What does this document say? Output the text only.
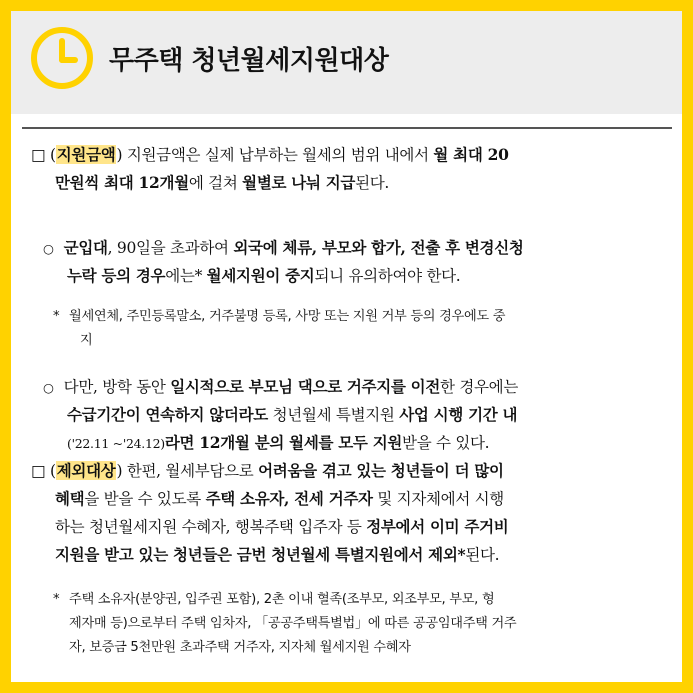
무주택 청년월세지원대상
□ (지원금액) 지원금액은 실제 납부하는 월세의 범위 내에서 월 최대 20
만원씩 최대 12개월에 걸쳐 월별로 나눠 지급된다.
○ 군입대, 90일을 초과하여 외국에 체류, 부모와 합가, 전출 후 변경신청
누락 등의 경우에는* 월세지원이 중지되니 유의하여야 한다.
* 월세연체, 주민등록말소, 거주불명 등록, 사망 또는 지원 거부 등의 경우에도 중
지
○ 다만, 방학 동안 일시적으로 부모님 댁으로 거주지를 이전한 경우에는
수급기간이 연속하지 않더라도 청년월세 특별지원 사업 시행 기간 내
('22.11 ~'24.12)라면 12개월 분의 월세를 모두 지원받을 수 있다.
□ (제외대상) 한편, 월세부담으로 어려움을 겪고 있는 청년들이 더 많이
혜택을 받을 수 있도록 주택 소유자, 전세 거주자 및 지자체에서 시행
하는 청년월세지원 수혜자, 행복주택 입주자 등 정부에서 이미 주거비
지원을 받고 있는 청년들은 금번 청년월세 특별지원에서 제외*된다.
* 주택 소유자(분양권, 입주권 포함), 2촌 이내 혈족(조부모, 외조부모, 부모, 형
제자매 등)으로부터 주택 임차자, 「공공주택특별법」에 따른 공공임대주택 거주
자, 보증금 5천만원 초과주택 거주자, 지자체 월세지원 수혜자
